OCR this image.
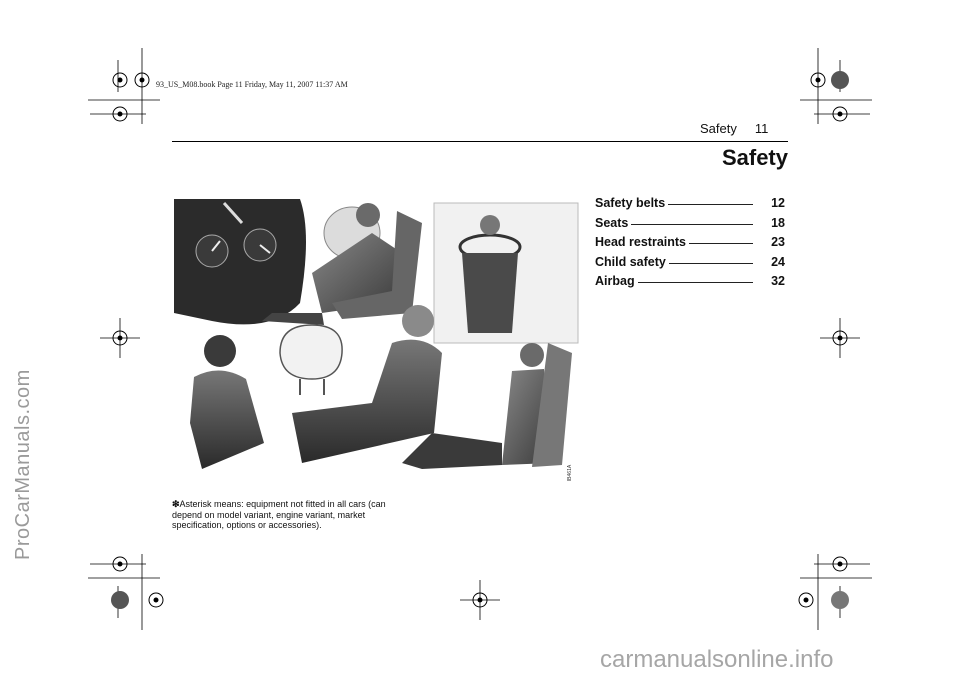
93_US_M08.book Page 11 Friday, May 11, 2007 11:37 AM
ProCarManuals.com
carmanualsonline.info
Safety 11
Safety
IB461A
Safety belts	12
Seats	18
Head restraints	23
Child safety	24
Airbag	32
❇Asterisk means: equipment not fitted in all cars (can depend on model variant, engine variant, market specification, options or accessories).
